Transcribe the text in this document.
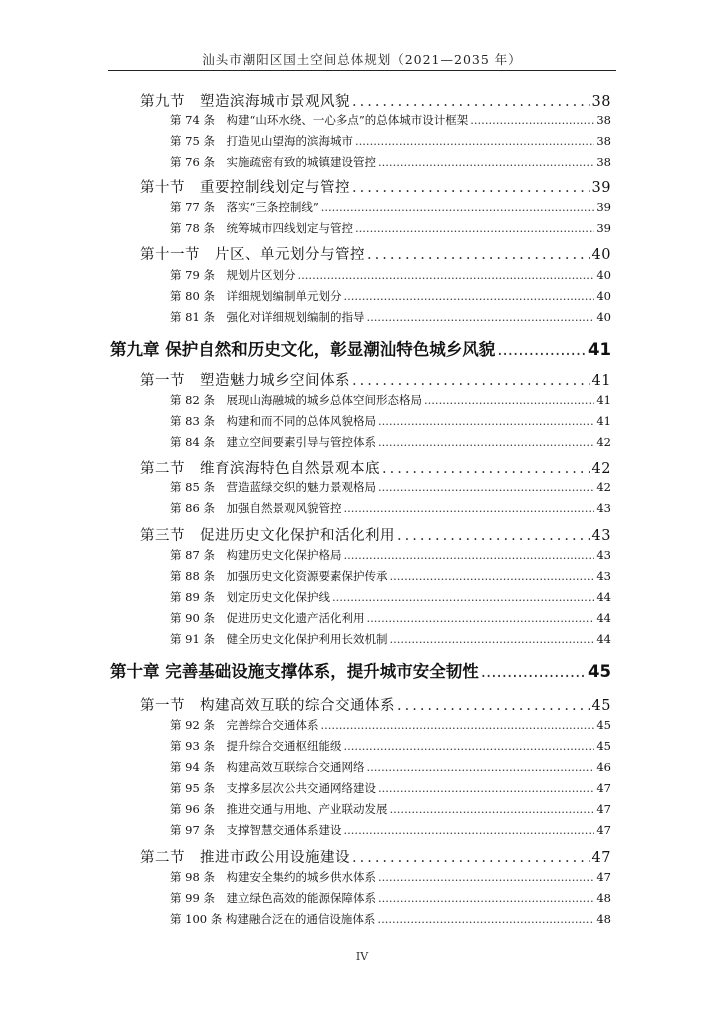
汕头市潮阳区国土空间总体规划（2021—2035 年）
第九节　塑造滨海城市景观风貌 .....	38
第 74 条　构建“山环水绕、一心多点”的总体城市设计框架 .....	38
第 75 条　打造见山望海的滨海城市 .....	38
第 76 条　实施疏密有致的城镇建设管控 .....	38
第十节　重要控制线划定与管控 .....	39
第 77 条　落实“三条控制线” .....	39
第 78 条　统筹城市四线划定与管控 .....	39
第十一节　片区、单元划分与管控 .....	40
第 79 条　规划片区划分 .....	40
第 80 条　详细规划编制单元划分 .....	40
第 81 条　强化对详细规划编制的指导 .....	40
第九章 保护自然和历史文化，彰显潮汕特色城乡风貌 .....	41
第一节　塑造魅力城乡空间体系 .....	41
第 82 条　展现山海融城的城乡总体空间形态格局 .....	41
第 83 条　构建和而不同的总体风貌格局 .....	41
第 84 条　建立空间要素引导与管控体系 .....	42
第二节　维育滨海特色自然景观本底 .....	42
第 85 条　营造蓝绿交织的魅力景观格局 .....	42
第 86 条　加强自然景观风貌管控 .....	43
第三节　促进历史文化保护和活化利用 .....	43
第 87 条　构建历史文化保护格局 .....	43
第 88 条　加强历史文化资源要素保护传承 .....	43
第 89 条　划定历史文化保护线 .....	44
第 90 条　促进历史文化遗产活化利用 .....	44
第 91 条　健全历史文化保护利用长效机制 .....	44
第十章 完善基础设施支撑体系，提升城市安全韧性 .....	45
第一节　构建高效互联的综合交通体系 .....	45
第 92 条　完善综合交通体系 .....	45
第 93 条　提升综合交通枢纽能级 .....	45
第 94 条　构建高效互联综合交通网络 .....	46
第 95 条　支撑多层次公共交通网络建设 .....	47
第 96 条　推进交通与用地、产业联动发展 .....	47
第 97 条　支撑智慧交通体系建设 .....	47
第二节　推进市政公用设施建设 .....	47
第 98 条　构建安全集约的城乡供水体系 .....	47
第 99 条　建立绿色高效的能源保障体系 .....	48
第 100 条 构建融合泛在的通信设施体系 .....	48
IV
